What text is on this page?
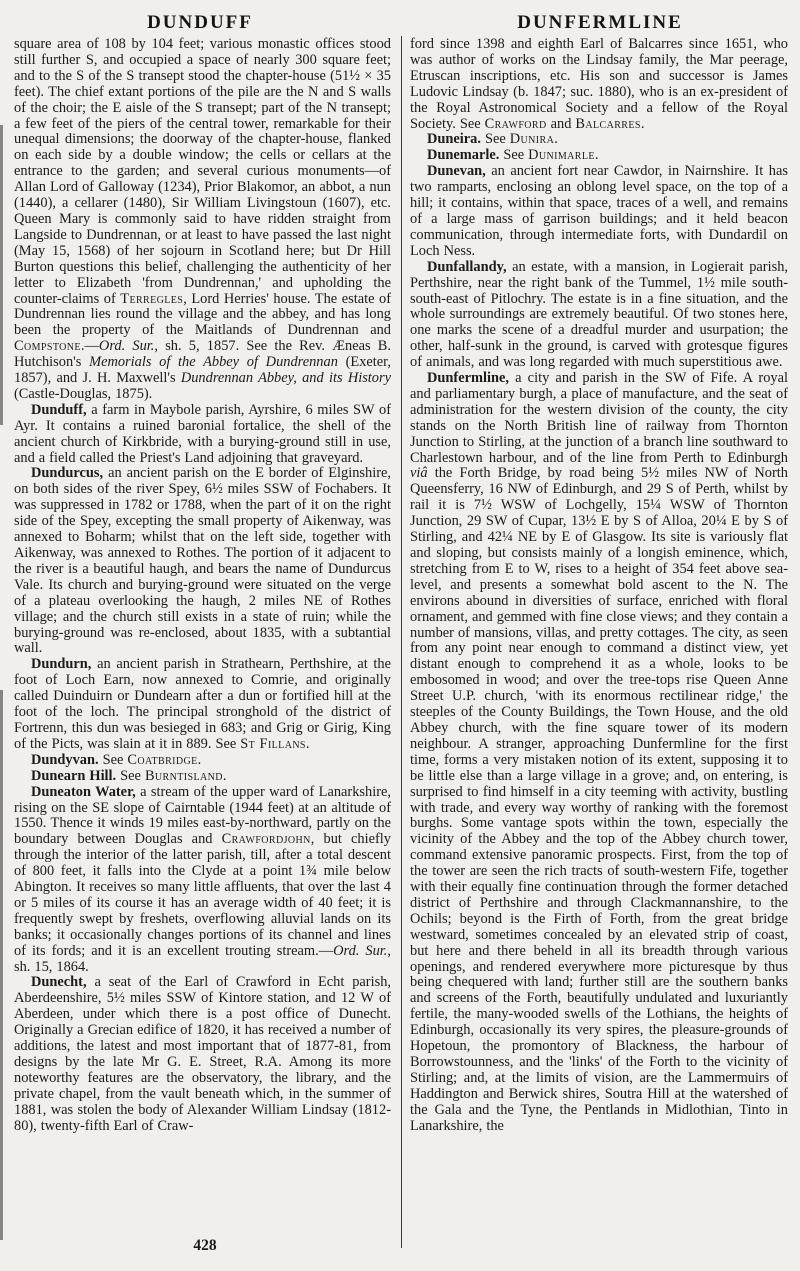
DUNDUFF	DUNFERMLINE

square area of 108 by 104 feet; various monastic offices stood still further S, and occupied a space of nearly 300 square feet; and to the S of the S transept stood the chapter-house (51½ × 35 feet). The chief extant portions of the pile are the N and S walls of the choir; the E aisle of the S transept; part of the N transept; a few feet of the piers of the central tower, remarkable for their unequal dimensions; the doorway of the chapter-house, flanked on each side by a double window; the cells or cellars at the entrance to the garden; and several curious monuments—of Allan Lord of Galloway (1234), Prior Blakomor, an abbot, a nun (1440), a cellarer (1480), Sir William Livingstoun (1607), etc. Queen Mary is commonly said to have ridden straight from Langside to Dundrennan, or at least to have passed the last night (May 15, 1568) of her sojourn in Scotland here; but Dr Hill Burton questions this belief, challenging the authenticity of her letter to Elizabeth 'from Dundrennan,' and upholding the counter-claims of Terregles, Lord Herries' house. The estate of Dundrennan lies round the village and the abbey, and has long been the property of the Maitlands of Dundrennan and Compstone.—Ord. Sur., sh. 5, 1857. See the Rev. Æneas B. Hutchison's Memorials of the Abbey of Dundrennan (Exeter, 1857), and J. H. Maxwell's Dundrennan Abbey, and its History (Castle-Douglas, 1875).

Dunduff, a farm in Maybole parish, Ayrshire, 6 miles SW of Ayr. It contains a ruined baronial fortalice, the shell of the ancient church of Kirkbride, with a burying-ground still in use, and a field called the Priest's Land adjoining that graveyard.

Dundurcus, an ancient parish on the E border of Elginshire, on both sides of the river Spey, 6½ miles SSW of Fochabers. It was suppressed in 1782 or 1788, when the part of it on the right side of the Spey, excepting the small property of Aikenway, was annexed to Boharm; whilst that on the left side, together with Aikenway, was annexed to Rothes. The portion of it adjacent to the river is a beautiful haugh, and bears the name of Dundurcus Vale. Its church and burying-ground were situated on the verge of a plateau overlooking the haugh, 2 miles NE of Rothes village; and the church still exists in a state of ruin; while the burying-ground was re-enclosed, about 1835, with a subtantial wall.

Dundurn, an ancient parish in Strathearn, Perthshire, at the foot of Loch Earn, now annexed to Comrie, and originally called Duinduirn or Dundearn after a dun or fortified hill at the foot of the loch. The principal stronghold of the district of Fortrenn, this dun was besieged in 683; and Grig or Girig, King of the Picts, was slain at it in 889. See St Fillans.

Dundyvan. See Coatbridge.

Dunearn Hill. See Burntisland.

Duneaton Water, a stream of the upper ward of Lanarkshire, rising on the SE slope of Cairntable (1944 feet) at an altitude of 1550. Thence it winds 19 miles east-by-northward, partly on the boundary between Douglas and Crawfordjohn, but chiefly through the interior of the latter parish, till, after a total descent of 800 feet, it falls into the Clyde at a point 1¾ mile below Abington. It receives so many little affluents, that over the last 4 or 5 miles of its course it has an average width of 40 feet; it is frequently swept by freshets, overflowing alluvial lands on its banks; it occasionally changes portions of its channel and lines of its fords; and it is an excellent trouting stream.—Ord. Sur., sh. 15, 1864.

Dunecht, a seat of the Earl of Crawford in Echt parish, Aberdeenshire, 5½ miles SSW of Kintore station, and 12 W of Aberdeen, under which there is a post office of Dunecht. Originally a Grecian edifice of 1820, it has received a number of additions, the latest and most important that of 1877-81, from designs by the late Mr G. E. Street, R.A. Among its more noteworthy features are the observatory, the library, and the private chapel, from the vault beneath which, in the summer of 1881, was stolen the body of Alexander William Lindsay (1812-80), twenty-fifth Earl of Craw-

ford since 1398 and eighth Earl of Balcarres since 1651, who was author of works on the Lindsay family, the Mar peerage, Etruscan inscriptions, etc. His son and successor is James Ludovic Lindsay (b. 1847; suc. 1880), who is an ex-president of the Royal Astronomical Society and a fellow of the Royal Society. See Crawford and Balcarres.

Duneira. See Dunira.

Dunemarle. See Dunimarle.

Dunevan, an ancient fort near Cawdor, in Nairnshire. It has two ramparts, enclosing an oblong level space, on the top of a hill; it contains, within that space, traces of a well, and remains of a large mass of garrison buildings; and it held beacon communication, through intermediate forts, with Dundardil on Loch Ness.

Dunfallandy, an estate, with a mansion, in Logierait parish, Perthshire, near the right bank of the Tummel, 1½ mile south-south-east of Pitlochry. The estate is in a fine situation, and the whole surroundings are extremely beautiful. Of two stones here, one marks the scene of a dreadful murder and usurpation; the other, half-sunk in the ground, is carved with grotesque figures of animals, and was long regarded with much superstitious awe.

Dunfermline, a city and parish in the SW of Fife. A royal and parliamentary burgh, a place of manufacture, and the seat of administration for the western division of the county, the city stands on the North British line of railway from Thornton Junction to Stirling, at the junction of a branch line southward to Charlestown harbour, and of the line from Perth to Edinburgh viâ the Forth Bridge, by road being 5½ miles NW of North Queensferry, 16 NW of Edinburgh, and 29 S of Perth, whilst by rail it is 7½ WSW of Lochgelly, 15¼ WSW of Thornton Junction, 29 SW of Cupar, 13½ E by S of Alloa, 20¼ E by S of Stirling, and 42¼ NE by E of Glasgow. Its site is variously flat and sloping, but consists mainly of a longish eminence, which, stretching from E to W, rises to a height of 354 feet above sea-level, and presents a somewhat bold ascent to the N. The environs abound in diversities of surface, enriched with floral ornament, and gemmed with fine close views; and they contain a number of mansions, villas, and pretty cottages. The city, as seen from any point near enough to command a distinct view, yet distant enough to comprehend it as a whole, looks to be embosomed in wood; and over the tree-tops rise Queen Anne Street U.P. church, 'with its enormous rectilinear ridge,' the steeples of the County Buildings, the Town House, and the old Abbey church, with the fine square tower of its modern neighbour. A stranger, approaching Dunfermline for the first time, forms a very mistaken notion of its extent, supposing it to be little else than a large village in a grove; and, on entering, is surprised to find himself in a city teeming with activity, bustling with trade, and every way worthy of ranking with the foremost burghs. Some vantage spots within the town, especially the vicinity of the Abbey and the top of the Abbey church tower, command extensive panoramic prospects. First, from the top of the tower are seen the rich tracts of south-western Fife, together with their equally fine continuation through the former detached district of Perthshire and through Clackmannanshire, to the Ochils; beyond is the Firth of Forth, from the great bridge westward, sometimes concealed by an elevated strip of coast, but here and there beheld in all its breadth through various openings, and rendered everywhere more picturesque by thus being chequered with land; further still are the southern banks and screens of the Forth, beautifully undulated and luxuriantly fertile, the many-wooded swells of the Lothians, the heights of Edinburgh, occasionally its very spires, the pleasure-grounds of Hopetoun, the promontory of Blackness, the harbour of Borrowstounness, and the 'links' of the Forth to the vicinity of Stirling; and, at the limits of vision, are the Lammermuirs of Haddington and Berwick shires, Soutra Hill at the watershed of the Gala and the Tyne, the Pentlands in Midlothian, Tinto in Lanarkshire, the

428
